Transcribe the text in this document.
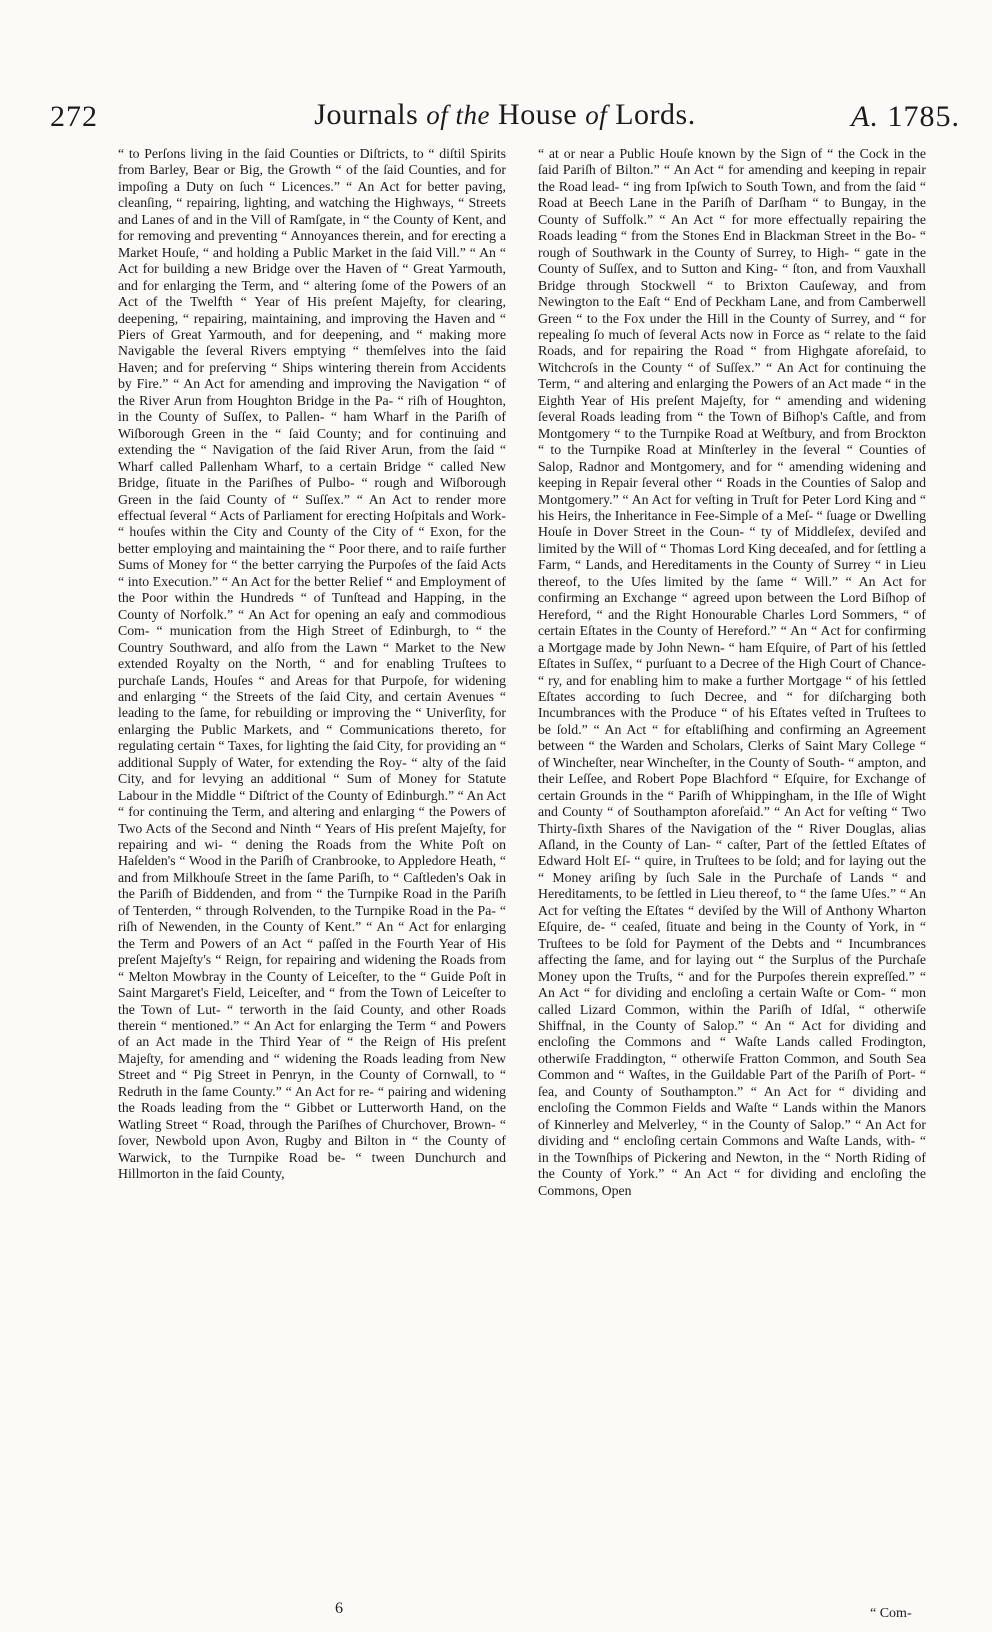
272	Journals of the House of Lords.	A. 1785.

“ to Perſons living in the ſaid Counties or Diſtricts, to “ diſtil Spirits from Barley, Bear or Big, the Growth “ of the ſaid Counties, and for impoſing a Duty on ſuch “ Licences.” “ An Act for better paving, cleanſing, “ repairing, lighting, and watching the Highways, “ Streets and Lanes of and in the Vill of Ramſgate, in “ the County of Kent, and for removing and preventing “ Annoyances therein, and for erecting a Market Houſe, “ and holding a Public Market in the ſaid Vill.” “ An “ Act for building a new Bridge over the Haven of “ Great Yarmouth, and for enlarging the Term, and “ altering ſome of the Powers of an Act of the Twelfth “ Year of His preſent Majeſty, for clearing, deepening, “ repairing, maintaining, and improving the Haven and “ Piers of Great Yarmouth, and for deepening, and “ making more Navigable the ſeveral Rivers emptying “ themſelves into the ſaid Haven; and for preſerving “ Ships wintering therein from Accidents by Fire.” “ An Act for amending and improving the Navigation “ of the River Arun from Houghton Bridge in the Pa- “ riſh of Houghton, in the County of Suſſex, to Pallen- “ ham Wharf in the Pariſh of Wiſborough Green in the “ ſaid County; and for continuing and extending the “ Navigation of the ſaid River Arun, from the ſaid “ Wharf called Pallenham Wharf, to a certain Bridge “ called New Bridge, ſituate in the Pariſhes of Pulbo- “ rough and Wiſborough Green in the ſaid County of “ Suſſex.” “ An Act to render more effectual ſeveral “ Acts of Parliament for erecting Hoſpitals and Work- “ houſes within the City and County of the City of “ Exon, for the better employing and maintaining the “ Poor there, and to raiſe further Sums of Money for “ the better carrying the Purpoſes of the ſaid Acts “ into Execution.” “ An Act for the better Relief “ and Employment of the Poor within the Hundreds “ of Tunſtead and Happing, in the County of Norfolk.” “ An Act for opening an eaſy and commodious Com- “ munication from the High Street of Edinburgh, to “ the Country Southward, and alſo from the Lawn “ Market to the New extended Royalty on the North, “ and for enabling Truſtees to purchaſe Lands, Houſes “ and Areas for that Purpoſe, for widening and enlarging “ the Streets of the ſaid City, and certain Avenues “ leading to the ſame, for rebuilding or improving the “ Univerſity, for enlarging the Public Markets, and “ Communications thereto, for regulating certain “ Taxes, for lighting the ſaid City, for providing an “ additional Supply of Water, for extending the Roy- “ alty of the ſaid City, and for levying an additional “ Sum of Money for Statute Labour in the Middle “ Diſtrict of the County of Edinburgh.” “ An Act “ for continuing the Term, and altering and enlarging “ the Powers of Two Acts of the Second and Ninth “ Years of His preſent Majeſty, for repairing and wi- “ dening the Roads from the White Poſt on Haſelden's “ Wood in the Pariſh of Cranbrooke, to Appledore Heath, “ and from Milkhouſe Street in the ſame Pariſh, to “ Caſtleden's Oak in the Pariſh of Biddenden, and from “ the Turnpike Road in the Pariſh of Tenterden, “ through Rolvenden, to the Turnpike Road in the Pa- “ riſh of Newenden, in the County of Kent.” “ An “ Act for enlarging the Term and Powers of an Act “ paſſed in the Fourth Year of His preſent Majeſty's “ Reign, for repairing and widening the Roads from “ Melton Mowbray in the County of Leiceſter, to the “ Guide Poſt in Saint Margaret's Field, Leiceſter, and “ from the Town of Leiceſter to the Town of Lut- “ terworth in the ſaid County, and other Roads therein “ mentioned.” “ An Act for enlarging the Term “ and Powers of an Act made in the Third Year of “ the Reign of His preſent Majeſty, for amending and “ widening the Roads leading from New Street and “ Pig Street in Penryn, in the County of Cornwall, to “ Redruth in the ſame County.” “ An Act for re- “ pairing and widening the Roads leading from the “ Gibbet or Lutterworth Hand, on the Watling Street “ Road, through the Pariſhes of Churchover, Brown- “ ſover, Newbold upon Avon, Rugby and Bilton in “ the County of Warwick, to the Turnpike Road be- “ tween Dunchurch and Hillmorton in the ſaid County,

“ at or near a Public Houſe known by the Sign of “ the Cock in the ſaid Pariſh of Bilton.” “ An Act “ for amending and keeping in repair the Road lead- “ ing from Ipſwich to South Town, and from the ſaid “ Road at Beech Lane in the Pariſh of Darſham “ to Bungay, in the County of Suffolk.” “ An Act “ for more effectually repairing the Roads leading “ from the Stones End in Blackman Street in the Bo- “ rough of Southwark in the County of Surrey, to High- “ gate in the County of Suſſex, and to Sutton and King- “ ſton, and from Vauxhall Bridge through Stockwell “ to Brixton Cauſeway, and from Newington to the Eaſt “ End of Peckham Lane, and from Camberwell Green “ to the Fox under the Hill in the County of Surrey, and “ for repealing ſo much of ſeveral Acts now in Force as “ relate to the ſaid Roads, and for repairing the Road “ from Highgate aforeſaid, to Witchcroſs in the County “ of Suſſex.” “ An Act for continuing the Term, “ and altering and enlarging the Powers of an Act made “ in the Eighth Year of His preſent Majeſty, for “ amending and widening ſeveral Roads leading from “ the Town of Biſhop's Caſtle, and from Montgomery “ to the Turnpike Road at Weſtbury, and from Brockton “ to the Turnpike Road at Minſterley in the ſeveral “ Counties of Salop, Radnor and Montgomery, and for “ amending widening and keeping in Repair ſeveral other “ Roads in the Counties of Salop and Montgomery.” “ An Act for veſting in Truſt for Peter Lord King and “ his Heirs, the Inheritance in Fee-Simple of a Meſ- “ ſuage or Dwelling Houſe in Dover Street in the Coun- “ ty of Middleſex, deviſed and limited by the Will of “ Thomas Lord King deceaſed, and for ſettling a Farm, “ Lands, and Hereditaments in the County of Surrey “ in Lieu thereof, to the Uſes limited by the ſame “ Will.” “ An Act for confirming an Exchange “ agreed upon between the Lord Biſhop of Hereford, “ and the Right Honourable Charles Lord Sommers, “ of certain Eſtates in the County of Hereford.” “ An “ Act for confirming a Mortgage made by John Newn- “ ham Eſquire, of Part of his ſettled Eſtates in Suſſex, “ purſuant to a Decree of the High Court of Chance- “ ry, and for enabling him to make a further Mortgage “ of his ſettled Eſtates according to ſuch Decree, and “ for diſcharging both Incumbrances with the Produce “ of his Eſtates veſted in Truſtees to be ſold.” “ An Act “ for eſtabliſhing and confirming an Agreement between “ the Warden and Scholars, Clerks of Saint Mary College “ of Wincheſter, near Wincheſter, in the County of South- “ ampton, and their Leſſee, and Robert Pope Blachford “ Eſquire, for Exchange of certain Grounds in the “ Pariſh of Whippingham, in the Iſle of Wight and County “ of Southampton aforeſaid.” “ An Act for veſting “ Two Thirty-ſixth Shares of the Navigation of the “ River Douglas, alias Aſland, in the County of Lan- “ caſter, Part of the ſettled Eſtates of Edward Holt Eſ- “ quire, in Truſtees to be ſold; and for laying out the “ Money ariſing by ſuch Sale in the Purchaſe of Lands “ and Hereditaments, to be ſettled in Lieu thereof, to “ the ſame Uſes.” “ An Act for veſting the Eſtates “ deviſed by the Will of Anthony Wharton Eſquire, de- “ ceaſed, ſituate and being in the County of York, in “ Truſtees to be ſold for Payment of the Debts and “ Incumbrances affecting the ſame, and for laying out “ the Surplus of the Purchaſe Money upon the Truſts, “ and for the Purpoſes therein expreſſed.” “ An Act “ for dividing and encloſing a certain Waſte or Com- “ mon called Lizard Common, within the Pariſh of Idſal, “ otherwiſe Shiffnal, in the County of Salop.” “ An “ Act for dividing and encloſing the Commons and “ Waſte Lands called Frodington, otherwiſe Fraddington, “ otherwiſe Fratton Common, and South Sea Common and “ Waſtes, in the Guildable Part of the Pariſh of Port- “ ſea, and County of Southampton.” “ An Act for “ dividing and encloſing the Common Fields and Waſte “ Lands within the Manors of Kinnerley and Melverley, “ in the County of Salop.” “ An Act for dividing and “ encloſing certain Commons and Waſte Lands, with- “ in the Townſhips of Pickering and Newton, in the “ North Riding of the County of York.” “ An Act “ for dividing and encloſing the Commons, Open

6	“ Com-
